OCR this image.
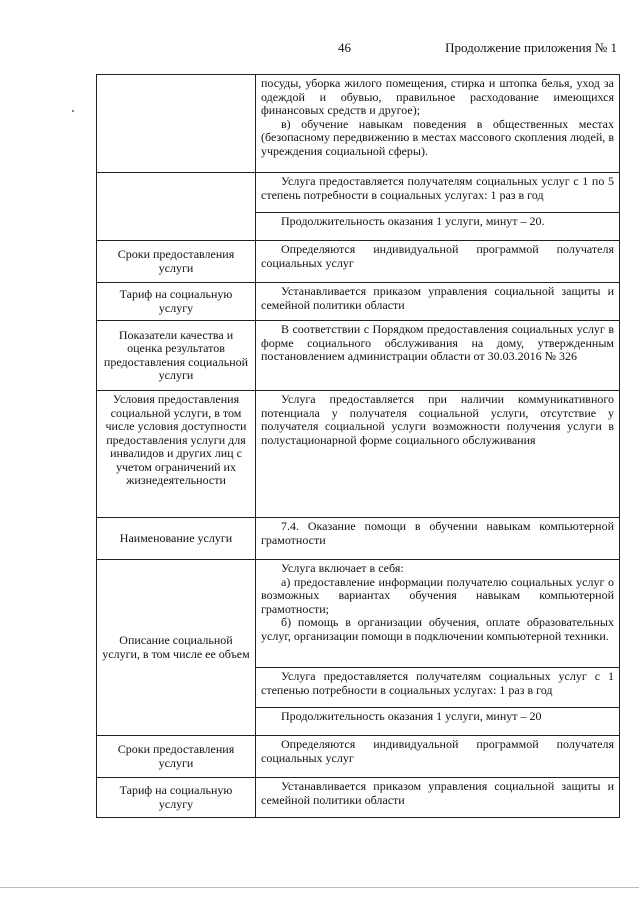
46	Продолжение приложения № 1

	посуды, уборка жилого помещения, стирка и штопка белья, уход за одеждой и обувью, правильное расходование имеющихся финансовых средств и другое);
в) обучение навыкам поведения в общественных местах (безопасному передвижению в местах массового скопления людей, в учреждения социальной сферы).

	Услуга предоставляется получателям социальных услуг с 1 по 5 степень потребности в социальных услугах: 1 раз в год

	Продолжительность оказания 1 услуги, минут – 20.

Сроки предоставления услуги	Определяются индивидуальной программой получателя социальных услуг

Тариф на социальную услугу	Устанавливается приказом управления социальной защиты и семейной политики области

Показатели качества и оценка результатов предоставления социальной услуги	В соответствии с Порядком предоставления социальных услуг в форме социального обслуживания на дому, утвержденным постановлением администрации области от 30.03.2016 № 326

Условия предоставления социальной услуги, в том числе условия доступности предоставления услуги для инвалидов и других лиц с учетом ограничений их жизнедеятельности	Услуга предоставляется при наличии коммуникативного потенциала у получателя социальной услуги, отсутствие у получателя социальной услуги возможности получения услуги в полустационарной форме социального обслуживания

Наименование услуги	7.4. Оказание помощи в обучении навыкам компьютерной грамотности

Описание социальной услуги, в том числе ее объем	Услуга включает в себя:
а) предоставление информации получателю социальных услуг о возможных вариантах обучения навыкам компьютерной грамотности;
б) помощь в организации обучения, оплате образовательных услуг, организации помощи в подключении компьютерной техники.

	Услуга предоставляется получателям социальных услуг с 1 степенью потребности в социальных услугах: 1 раз в год

	Продолжительность оказания 1 услуги, минут – 20

Сроки предоставления услуги	Определяются индивидуальной программой получателя социальных услуг

Тариф на социальную услугу	Устанавливается приказом управления социальной защиты и семейной политики области
